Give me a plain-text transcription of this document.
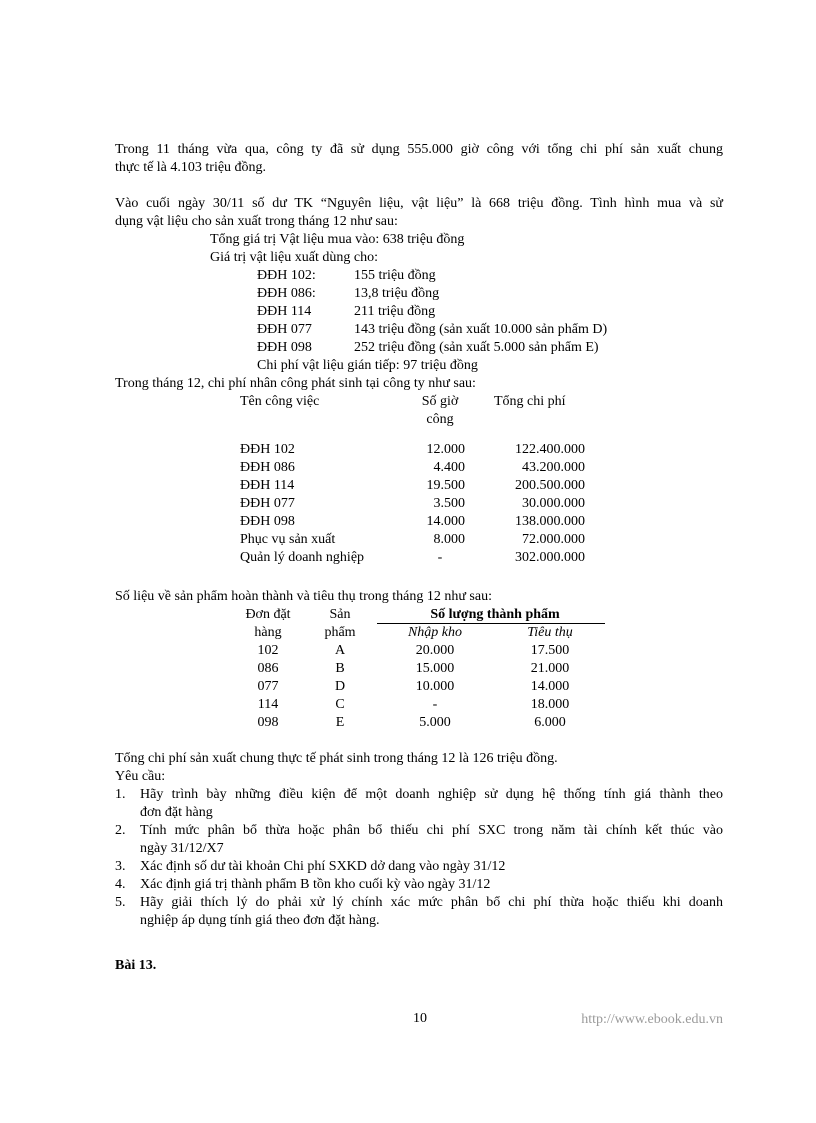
Trong 11 tháng vừa qua, công ty đã sử dụng 555.000 giờ công với tổng chi phí sản xuất chung
thực tế là 4.103 triệu đồng.
Vào cuối ngày 30/11 số dư TK “Nguyên liệu, vật liệu” là 668 triệu đồng. Tình hình mua và sử
dụng vật liệu cho sản xuất trong tháng 12 như sau:
Tổng giá trị Vật liệu mua vào: 638 triệu đồng
Giá trị vật liệu xuất dùng cho:
ĐĐH 102:	155 triệu đồng
ĐĐH 086:	13,8 triệu đồng
ĐĐH 114	211 triệu đồng
ĐĐH 077	143 triệu đồng (sản xuất 10.000 sản phẩm D)
ĐĐH 098	252 triệu đồng (sản xuất 5.000 sản phẩm E)
Chi phí vật liệu gián tiếp: 97 triệu đồng
Trong tháng 12, chi phí nhân công phát sinh tại công ty như sau:
Tên công việc	Số giờ
công
Tổng chi phí
ĐĐH 102	12.000	122.400.000
ĐĐH 086	4.400	43.200.000
ĐĐH 114	19.500	200.500.000
ĐĐH 077	3.500	30.000.000
ĐĐH 098	14.000	138.000.000
Phục vụ sản xuất	8.000	72.000.000
Quản lý doanh nghiệp	-	302.000.000
Số liệu về sản phẩm hoàn thành và tiêu thụ trong tháng 12 như sau:
Đơn đặt
hàng
Sản
phẩm
Số lượng thành phẩm
Nhập kho	Tiêu thụ
102	A	20.000	17.500
086	B	15.000	21.000
077	D	10.000	14.000
114	C	-	18.000
098	E	5.000	6.000
Tổng chi phí sản xuất chung thực tế phát sinh trong tháng 12 là 126 triệu đồng.
Yêu cầu:
1. Hãy trình bày những điều kiện để một doanh nghiệp sử dụng hệ thống tính giá thành theo
đơn đặt hàng
2. Tính mức phân bổ thừa hoặc phân bổ thiếu chi phí SXC trong năm tài chính kết thúc vào
ngày 31/12/X7
3. Xác định số dư tài khoản Chi phí SXKD dở dang vào ngày 31/12
4. Xác định giá trị thành phẩm B tồn kho cuối kỳ vào ngày 31/12
5. Hãy giải thích lý do phải xử lý chính xác mức phân bổ chi phí thừa hoặc thiếu khi doanh
nghiệp áp dụng tính giá theo đơn đặt hàng.
Bài 13.
10	http://www.ebook.edu.vn
